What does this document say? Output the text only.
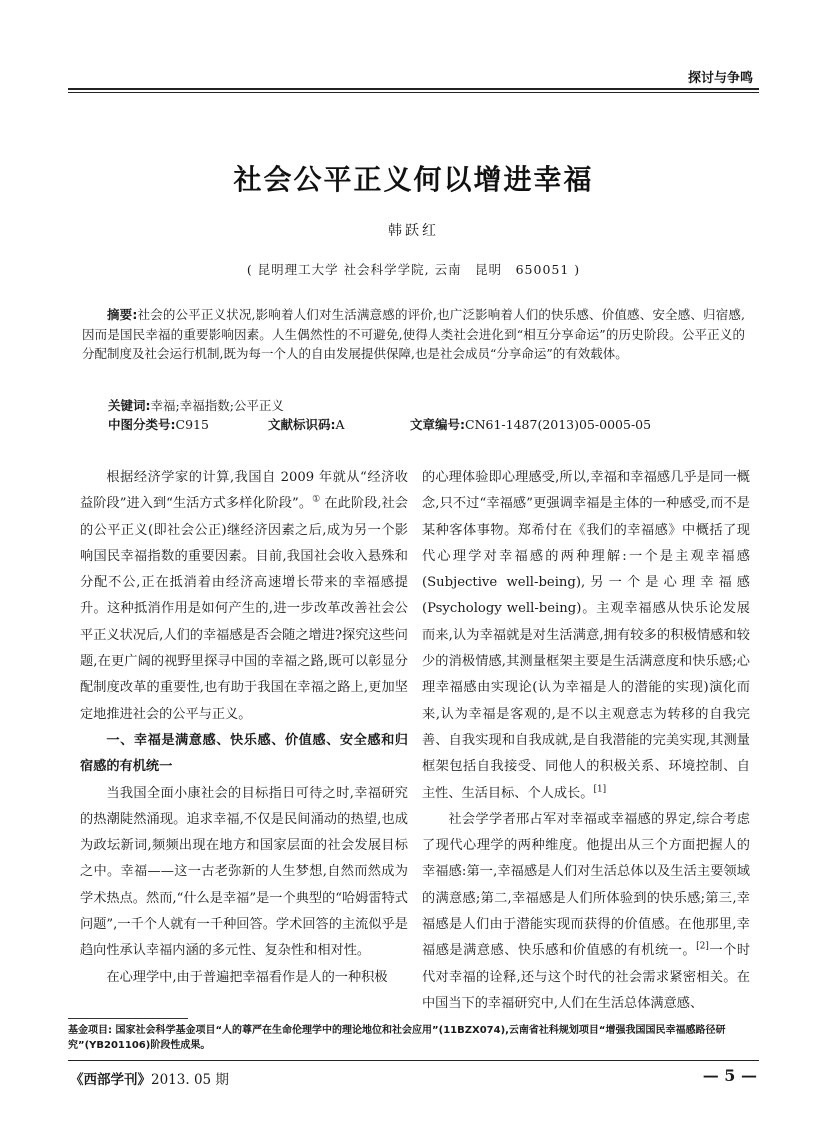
探讨与争鸣
社会公平正义何以增进幸福
韩跃红
( 昆明理工大学 社会科学学院, 云南　昆明　650051 )
摘要:社会的公平正义状况,影响着人们对生活满意感的评价,也广泛影响着人们的快乐感、价值感、安全感、归宿感,因而是国民幸福的重要影响因素。人生偶然性的不可避免,使得人类社会进化到“相互分享命运”的历史阶段。公平正义的分配制度及社会运行机制,既为每一个人的自由发展提供保障,也是社会成员“分享命运”的有效载体。
关键词:幸福;幸福指数;公平正义
中图分类号:C915	文献标识码:A	文章编号:CN61-1487(2013)05-0005-05

根据经济学家的计算,我国自 2009 年就从“经济收益阶段”进入到“生活方式多样化阶段”。① 在此阶段,社会的公平正义(即社会公正)继经济因素之后,成为另一个影响国民幸福指数的重要因素。目前,我国社会收入悬殊和分配不公,正在抵消着由经济高速增长带来的幸福感提升。这种抵消作用是如何产生的,进一步改革改善社会公平正义状况后,人们的幸福感是否会随之增进?探究这些问题,在更广阔的视野里探寻中国的幸福之路,既可以彰显分配制度改革的重要性,也有助于我国在幸福之路上,更加坚定地推进社会的公平与正义。

一、幸福是满意感、快乐感、价值感、安全感和归宿感的有机统一

当我国全面小康社会的目标指日可待之时,幸福研究的热潮陡然涌现。追求幸福,不仅是民间涌动的热望,也成为政坛新词,频频出现在地方和国家层面的社会发展目标之中。幸福——这一古老弥新的人生梦想,自然而然成为学术热点。然而,“什么是幸福”是一个典型的“哈姆雷特式问题”,一千个人就有一千种回答。学术回答的主流似乎是趋向性承认幸福内涵的多元性、复杂性和相对性。

在心理学中,由于普遍把幸福看作是人的一种积极

的心理体验即心理感受,所以,幸福和幸福感几乎是同一概念,只不过“幸福感”更强调幸福是主体的一种感受,而不是某种客体事物。郑希付在《我们的幸福感》中概括了现代心理学对幸福感的两种理解:一个是主观幸福感(Subjective well-being),另一个是心理幸福感(Psychology well-being)。主观幸福感从快乐论发展而来,认为幸福就是对生活满意,拥有较多的积极情感和较少的消极情感,其测量框架主要是生活满意度和快乐感;心理幸福感由实现论(认为幸福是人的潜能的实现)演化而来,认为幸福是客观的,是不以主观意志为转移的自我完善、自我实现和自我成就,是自我潜能的完美实现,其测量框架包括自我接受、同他人的积极关系、环境控制、自主性、生活目标、个人成长。[1]

社会学学者邢占军对幸福或幸福感的界定,综合考虑了现代心理学的两种维度。他提出从三个方面把握人的幸福感:第一,幸福感是人们对生活总体以及生活主要领域的满意感;第二,幸福感是人们所体验到的快乐感;第三,幸福感是人们由于潜能实现而获得的价值感。在他那里,幸福感是满意感、快乐感和价值感的有机统一。[2]一个时代对幸福的诠释,还与这个时代的社会需求紧密相关。在中国当下的幸福研究中,人们在生活总体满意感、

基金项目: 国家社会科学基金项目“人的尊严在生命伦理学中的理论地位和社会应用”(11BZX074),云南省社科规划项目“增强我国国民幸福感路径研究”(YB201106)阶段性成果。
《西部学刊》2013. 05 期	— 5 —
